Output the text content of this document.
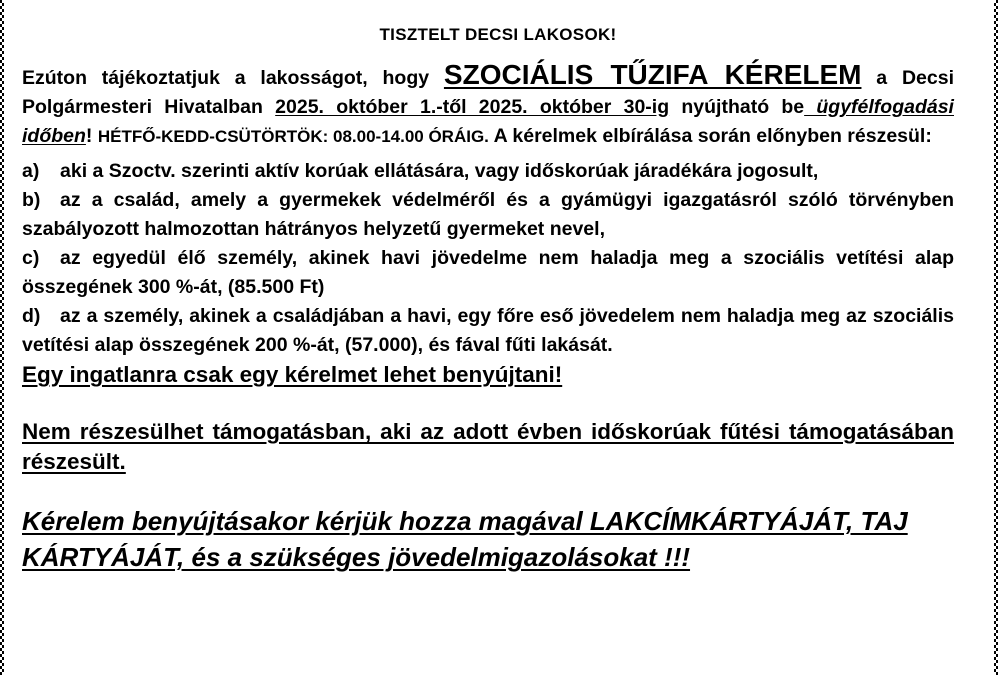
TISZTELT DECSI LAKOSOK!

Ezúton tájékoztatjuk a lakosságot, hogy SZOCIÁLIS TŰZIFA KÉRELEM a Decsi Polgármesteri Hivatalban 2025. október 1.-től 2025. október 30-ig nyújtható be ügyfélfogadási időben! HÉTFŐ-KEDD-CSÜTÖRTÖK: 08.00-14.00 ÓRÁIG. A kérelmek elbírálása során előnyben részesül:

a) aki a Szoctv. szerinti aktív korúak ellátására, vagy időskorúak járadékára jogosult,

b) az a család, amely a gyermekek védelméről és a gyámügyi igazgatásról szóló törvényben szabályozott halmozottan hátrányos helyzetű gyermeket nevel,

c) az egyedül élő személy, akinek havi jövedelme nem haladja meg a szociális vetítési alap összegének 300 %-át, (85.500 Ft)

d) az a személy, akinek a családjában a havi, egy főre eső jövedelem nem haladja meg az szociális vetítési alap összegének 200 %-át, (57.000), és fával fűti lakását.

Egy ingatlanra csak egy kérelmet lehet benyújtani!

Nem részesülhet támogatásban, aki az adott évben időskorúak fűtési támogatásában részesült.

Kérelem benyújtásakor kérjük hozza magával LAKCÍMKÁRTYÁJÁT, TAJ KÁRTYÁJÁT, és a szükséges jövedelmigazolásokat !!!
